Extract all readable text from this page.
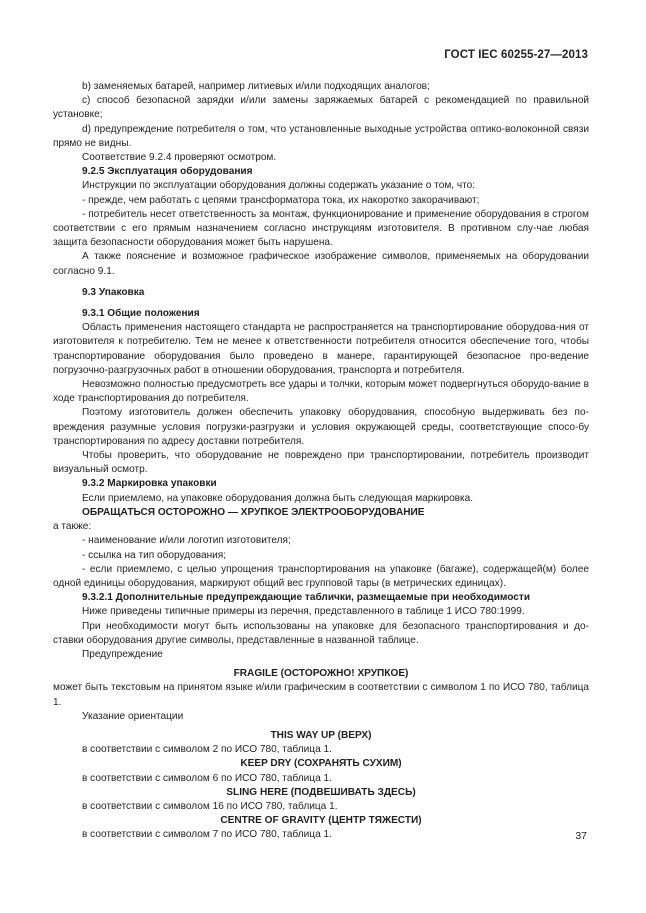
ГОСТ IEC 60255-27—2013

b) заменяемых батарей, например литиевых и/или подходящих аналогов;

c) способ безопасной зарядки и/или замены заряжаемых батарей с рекомендацией по правильной установке;

d) предупреждение потребителя о том, что установленные выходные устройства оптико-волоконной связи прямо не видны.

Соответствие 9.2.4 проверяют осмотром.

9.2.5 Эксплуатация оборудования

Инструкции по эксплуатации оборудования должны содержать указание о том, что:

- прежде, чем работать с цепями трансформатора тока, их накоротко закорачивают;

- потребитель несет ответственность за монтаж, функционирование и применение оборудования в строгом соответствии с его прямым назначением согласно инструкциям изготовителя. В противном слу-чае любая защита безопасности оборудования может быть нарушена.

А также пояснение и возможное графическое изображение символов, применяемых на оборудовании согласно 9.1.

9.3 Упаковка

9.3.1 Общие положения

Область применения настоящего стандарта не распространяется на транспортирование оборудова-ния от изготовителя к потребителю. Тем не менее к ответственности потребителя относится обеспечение того, чтобы транспортирование оборудования было проведено в манере, гарантирующей безопасное про-ведение погрузочно-разгрузочных работ в отношении оборудования, транспорта и потребителя.

Невозможно полностью предусмотреть все удары и толчки, которым может подвергнуться оборудо-вание в ходе транспортирования до потребителя.

Поэтому изготовитель должен обеспечить упаковку оборудования, способную выдерживать без по-вреждения разумные условия погрузки-разгрузки и условия окружающей среды, соответствующие спосо-бу транспортирования по адресу доставки потребителя.

Чтобы проверить, что оборудование не повреждено при транспортировании, потребитель производит визуальный осмотр.

9.3.2 Маркировка упаковки

Если приемлемо, на упаковке оборудования должна быть следующая маркировка.

ОБРАЩАТЬСЯ ОСТОРОЖНО — ХРУПКОЕ ЭЛЕКТРООБОРУДОВАНИЕ

а также:

- наименование и/или логотип изготовителя;

- ссылка на тип оборудования;

- если приемлемо, с целью упрощения транспортирования на упаковке (багаже), содержащей(м) более одной единицы оборудования, маркируют общий вес групповой тары (в метрических единицах).

9.3.2.1 Дополнительные предупреждающие таблички, размещаемые при необходимости

Ниже приведены типичные примеры из перечня, представленного в таблице 1 ИСО 780:1999.

При необходимости могут быть использованы на упаковке для безопасного транспортирования и до-ставки оборудования другие символы, представленные в названной таблице.

Предупреждение

FRAGILE (ОСТОРОЖНО! ХРУПКОЕ)

может быть текстовым на принятом языке и/или графическим в соответствии с символом 1 по ИСО 780, таблица 1.

Указание ориентации

THIS WAY UP (ВЕРХ)

в соответствии с символом 2 по ИСО 780, таблица 1.

KEEP DRY (СОХРАНЯТЬ СУХИМ)

в соответствии с символом 6 по ИСО 780, таблица 1.

SLING HERE (ПОДВЕШИВАТЬ ЗДЕСЬ)

в соответствии с символом 16 по ИСО 780, таблица 1.

CENTRE OF GRAVITY (ЦЕНТР ТЯЖЕСТИ)

в соответствии с символом 7 по ИСО 780, таблица 1.	37
